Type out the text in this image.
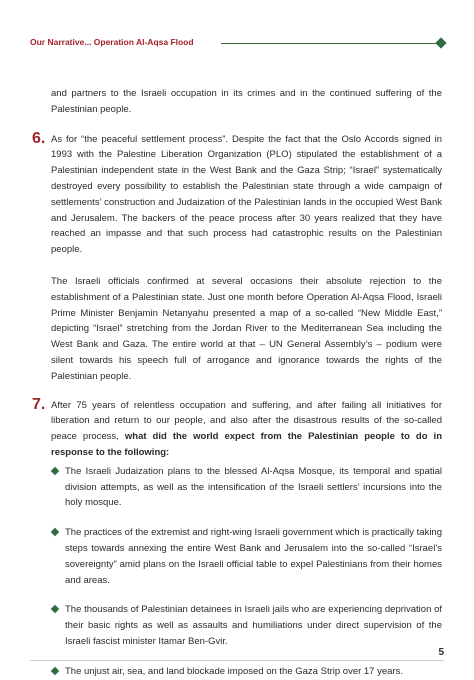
Our Narrative... Operation Al-Aqsa Flood

and partners to the Israeli occupation in its crimes and in the continued suffering of the Palestinian people.

6. As for “the peaceful settlement process”. Despite the fact that the Oslo Accords signed in 1993 with the Palestine Liberation Organization (PLO) stipulated the establishment of a Palestinian independent state in the West Bank and the Gaza Strip; “Israel” systematically destroyed every possibility to establish the Palestinian state through a wide campaign of settlements’ construction and Judaization of the Palestinian lands in the occupied West Bank and Jerusalem. The backers of the peace process after 30 years realized that they have reached an impasse and that such process had catastrophic results on the Palestinian people.

The Israeli officials confirmed at several occasions their absolute rejection to the establishment of a Palestinian state. Just one month before Operation Al-Aqsa Flood, Israeli Prime Minister Benjamin Netanyahu presented a map of a so-called “New Middle East,” depicting “Israel” stretching from the Jordan River to the Mediterranean Sea including the West Bank and Gaza. The entire world at that – UN General Assembly’s – podium were silent towards his speech full of arrogance and ignorance towards the rights of the Palestinian people.

7. After 75 years of relentless occupation and suffering, and after failing all initiatives for liberation and return to our people, and also after the disastrous results of the so-called peace process, what did the world expect from the Palestinian people to do in response to the following:

The Israeli Judaization plans to the blessed Al-Aqsa Mosque, its temporal and spatial division attempts, as well as the intensification of the Israeli settlers’ incursions into the holy mosque.
The practices of the extremist and right-wing Israeli government which is practically taking steps towards annexing the entire West Bank and Jerusalem into the so-called “Israel’s sovereignty” amid plans on the Israeli official table to expel Palestinians from their homes and areas.
The thousands of Palestinian detainees in Israeli jails who are experiencing deprivation of their basic rights as well as assaults and humiliations under direct supervision of the Israeli fascist minister Itamar Ben-Gvir.
The unjust air, sea, and land blockade imposed on the Gaza Strip over 17 years.
5
